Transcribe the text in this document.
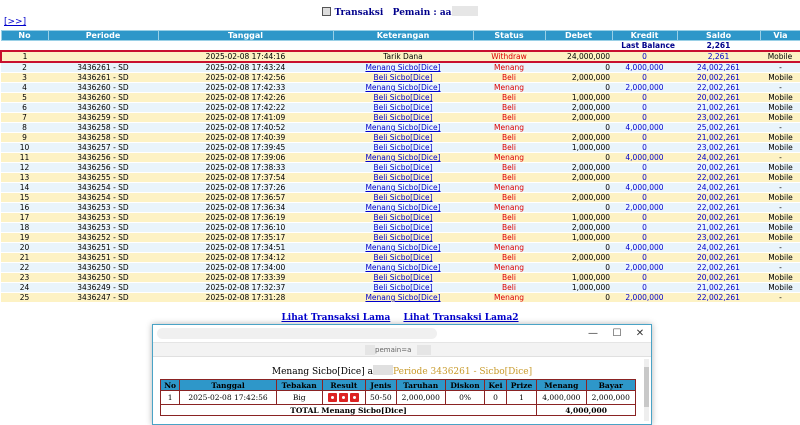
Transaksi Pemain : aa
[>>]
No	Periode	Tanggal	Keterangan	Status	Debet	Kredit	Saldo	Via
						Last Balance	2,261	
1		2025-02-08 17:44:16	Tarik Dana	Withdraw	24,000,000	0	2,261	Mobile
2	3436261 - SD	2025-02-08 17:43:24	Menang Sicbo[Dice]	Menang	0	4,000,000	24,002,261	-
3	3436261 - SD	2025-02-08 17:42:56	Beli Sicbo[Dice]	Beli	2,000,000	0	20,002,261	Mobile
4	3436260 - SD	2025-02-08 17:42:33	Menang Sicbo[Dice]	Menang	0	2,000,000	22,002,261	-
5	3436260 - SD	2025-02-08 17:42:26	Beli Sicbo[Dice]	Beli	1,000,000	0	20,002,261	Mobile
6	3436260 - SD	2025-02-08 17:42:22	Beli Sicbo[Dice]	Beli	2,000,000	0	21,002,261	Mobile
7	3436259 - SD	2025-02-08 17:41:09	Beli Sicbo[Dice]	Beli	2,000,000	0	23,002,261	Mobile
8	3436258 - SD	2025-02-08 17:40:52	Menang Sicbo[Dice]	Menang	0	4,000,000	25,002,261	-
9	3436258 - SD	2025-02-08 17:40:39	Beli Sicbo[Dice]	Beli	2,000,000	0	21,002,261	Mobile
10	3436257 - SD	2025-02-08 17:39:45	Beli Sicbo[Dice]	Beli	1,000,000	0	23,002,261	Mobile
11	3436256 - SD	2025-02-08 17:39:06	Menang Sicbo[Dice]	Menang	0	4,000,000	24,002,261	-
12	3436256 - SD	2025-02-08 17:38:33	Beli Sicbo[Dice]	Beli	2,000,000	0	20,002,261	Mobile
13	3436255 - SD	2025-02-08 17:37:54	Beli Sicbo[Dice]	Beli	2,000,000	0	22,002,261	Mobile
14	3436254 - SD	2025-02-08 17:37:26	Menang Sicbo[Dice]	Menang	0	4,000,000	24,002,261	-
15	3436254 - SD	2025-02-08 17:36:57	Beli Sicbo[Dice]	Beli	2,000,000	0	20,002,261	Mobile
16	3436253 - SD	2025-02-08 17:36:34	Menang Sicbo[Dice]	Menang	0	2,000,000	22,002,261	-
17	3436253 - SD	2025-02-08 17:36:19	Beli Sicbo[Dice]	Beli	1,000,000	0	20,002,261	Mobile
18	3436253 - SD	2025-02-08 17:36:10	Beli Sicbo[Dice]	Beli	2,000,000	0	21,002,261	Mobile
19	3436252 - SD	2025-02-08 17:35:17	Beli Sicbo[Dice]	Beli	1,000,000	0	23,002,261	Mobile
20	3436251 - SD	2025-02-08 17:34:51	Menang Sicbo[Dice]	Menang	0	4,000,000	24,002,261	-
21	3436251 - SD	2025-02-08 17:34:12	Beli Sicbo[Dice]	Beli	2,000,000	0	20,002,261	Mobile
22	3436250 - SD	2025-02-08 17:34:00	Menang Sicbo[Dice]	Menang	0	2,000,000	22,002,261	-
23	3436250 - SD	2025-02-08 17:33:39	Beli Sicbo[Dice]	Beli	1,000,000	0	20,002,261	Mobile
24	3436249 - SD	2025-02-08 17:32:37	Beli Sicbo[Dice]	Beli	1,000,000	0	21,002,261	Mobile
25	3436247 - SD	2025-02-08 17:31:28	Menang Sicbo[Dice]	Menang	0	2,000,000	22,002,261	-
Lihat Transaksi Lama Lihat Transaksi Lama2
—	☐	✕
pemain=a
Menang Sicbo[Dice] a Periode 3436261 - Sicbo[Dice]
No	Tanggal	Tebakan	Result	Jenis	Taruhan	Diskon	Kei	Prize	Menang	Bayar
1	2025-02-08 17:42:56	Big		50-50	2,000,000	0%	0	1	4,000,000	2,000,000
TOTAL Menang Sicbo[Dice]									4,000,000	
